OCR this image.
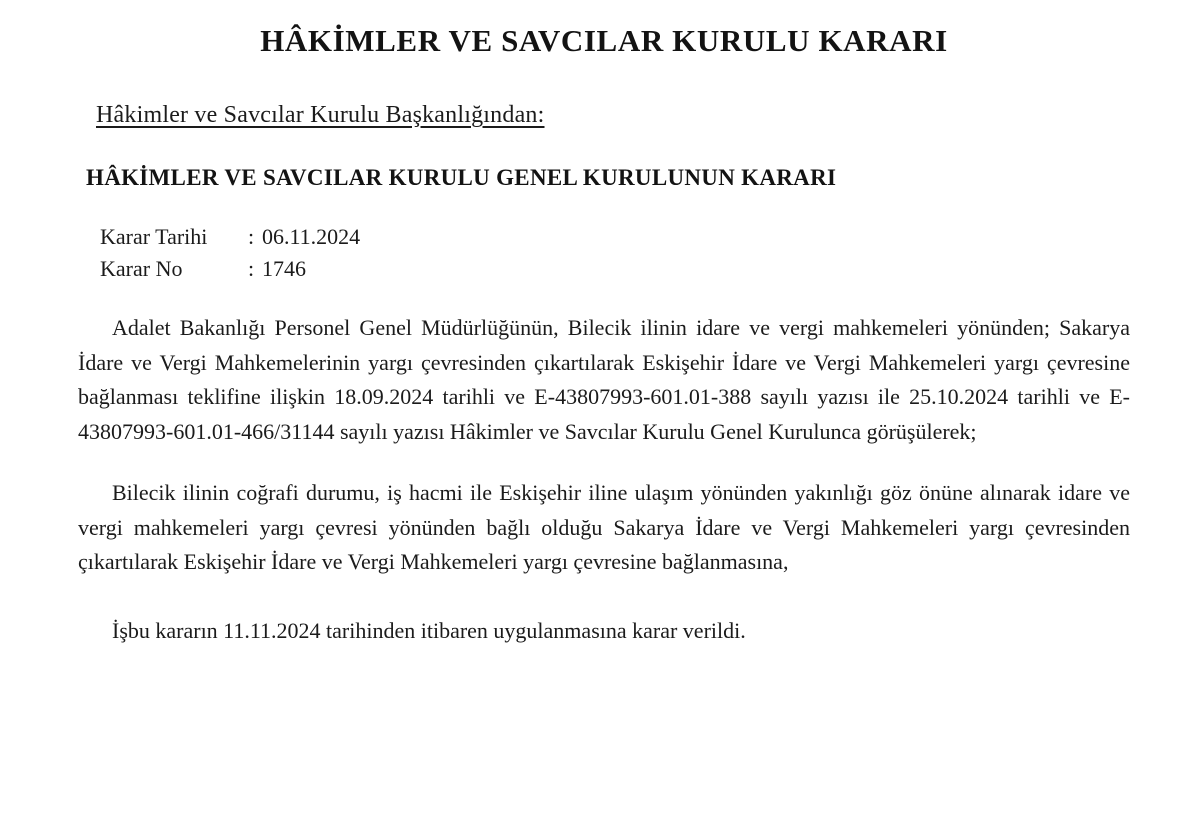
HÂKİMLER VE SAVCILAR KURULU KARARI
Hâkimler ve Savcılar Kurulu Başkanlığından:
HÂKİMLER VE SAVCILAR KURULU GENEL KURULUNUN KARARI
Karar Tarihi	: 06.11.2024
Karar No	: 1746

Adalet Bakanlığı Personel Genel Müdürlüğünün, Bilecik ilinin idare ve vergi mahkemeleri yönünden; Sakarya İdare ve Vergi Mahkemelerinin yargı çevresinden çıkartılarak Eskişehir İdare ve Vergi Mahkemeleri yargı çevresine bağlanması teklifine ilişkin 18.09.2024 tarihli ve E-43807993-601.01-388 sayılı yazısı ile 25.10.2024 tarihli ve E-43807993-601.01-466/31144 sayılı yazısı Hâkimler ve Savcılar Kurulu Genel Kurulunca görüşülerek;

Bilecik ilinin coğrafi durumu, iş hacmi ile Eskişehir iline ulaşım yönünden yakınlığı göz önüne alınarak idare ve vergi mahkemeleri yargı çevresi yönünden bağlı olduğu Sakarya İdare ve Vergi Mahkemeleri yargı çevresinden çıkartılarak Eskişehir İdare ve Vergi Mahkemeleri yargı çevresine bağlanmasına,

İşbu kararın 11.11.2024 tarihinden itibaren uygulanmasına karar verildi.
